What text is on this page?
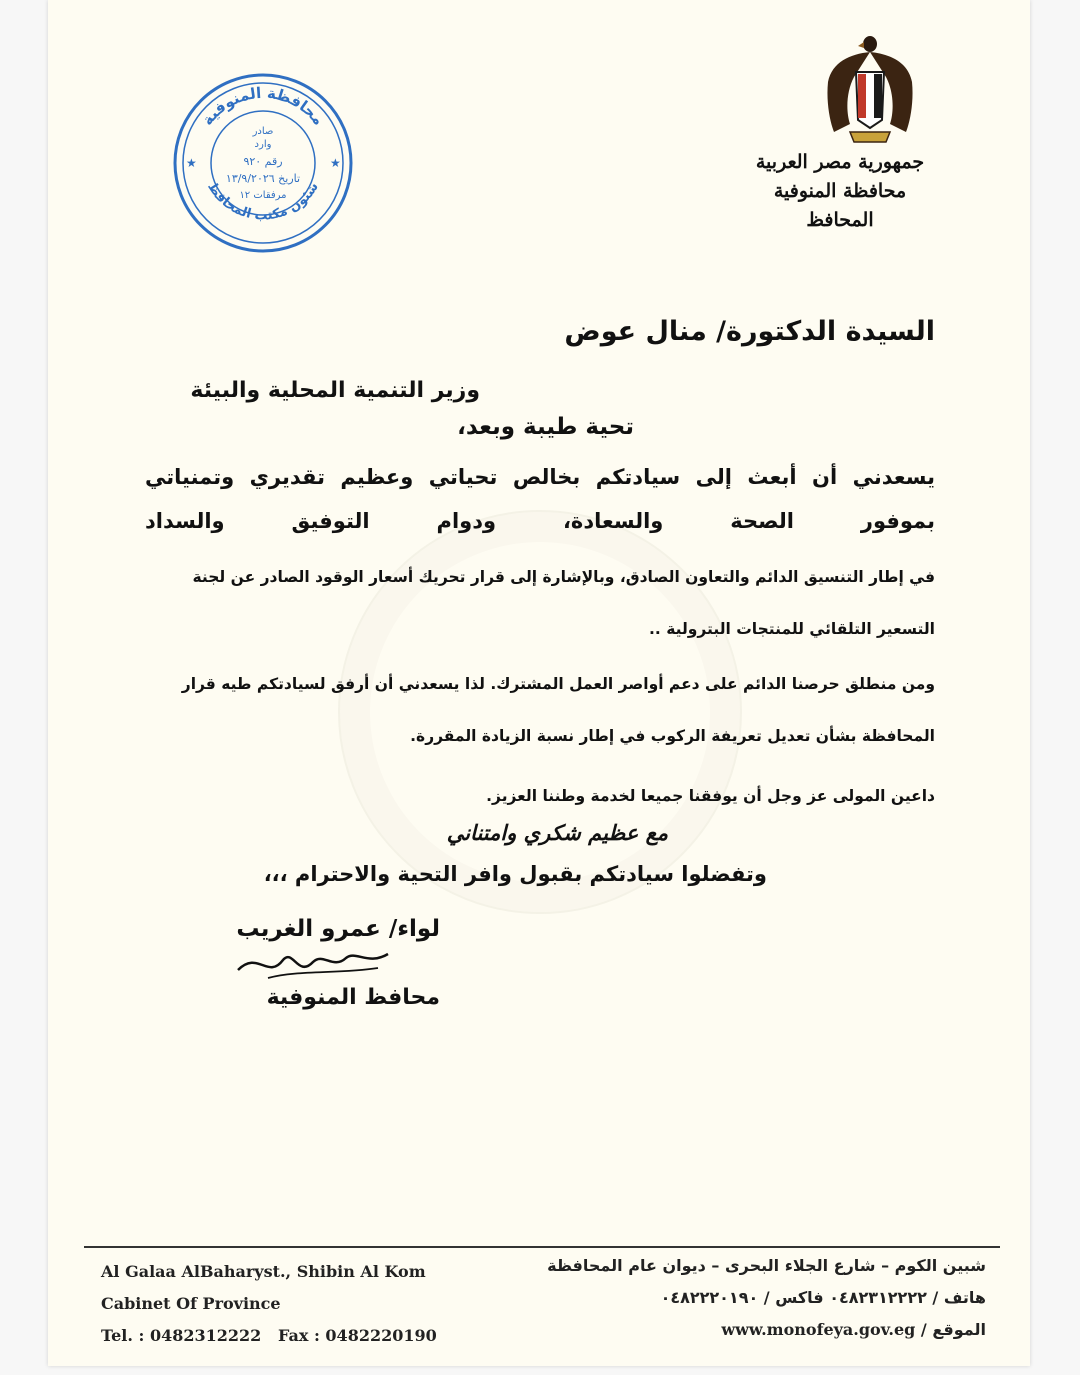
جمهورية مصر العربية
محافظة المنوفية
المحافظ
محافظة المنوفية
شئون مكتب المحافظ
★	★
صادر
وارد
رقم ٩٢٠
تاريخ ١٣/٩/٢٠٢٦
مرفقات ١٢
السيدة الدكتورة/ منال عوض
وزير التنمية المحلية والبيئة
تحية طيبة وبعد،
يسعدني أن أبعث إلى سيادتكم بخالص تحياتي وعظيم تقديري وتمنياتي بموفور الصحة والسعادة، ودوام التوفيق والسداد
في إطار التنسيق الدائم والتعاون الصادق، وبالإشارة إلى قرار تحريك أسعار الوقود الصادر عن لجنة التسعير التلقائي للمنتجات البترولية ..
ومن منطلق حرصنا الدائم على دعم أواصر العمل المشترك. لذا يسعدني أن أرفق لسيادتكم طيه قرار المحافظة بشأن تعديل تعريفة الركوب في إطار نسبة الزيادة المقررة.
داعين المولى عز وجل أن يوفقنا جميعا لخدمة وطننا العزيز.
مع عظيم شكري وامتناني
وتفضلوا سيادتكم بقبول وافر التحية والاحترام ،،،
لواء/ عمرو الغريب
محافظ المنوفية
Al Galaa AlBaharyst., Shibin Al Kom
Cabinet Of Province
Tel. : 0482312222   Fax : 0482220190
شبين الكوم – شارع الجلاء البحرى – ديوان عام المحافظة
هاتف / ٠٤٨٢٣١٢٢٢٢ فاكس / ٠٤٨٢٢٢٠١٩٠
الموقع / www.monofeya.gov.eg
